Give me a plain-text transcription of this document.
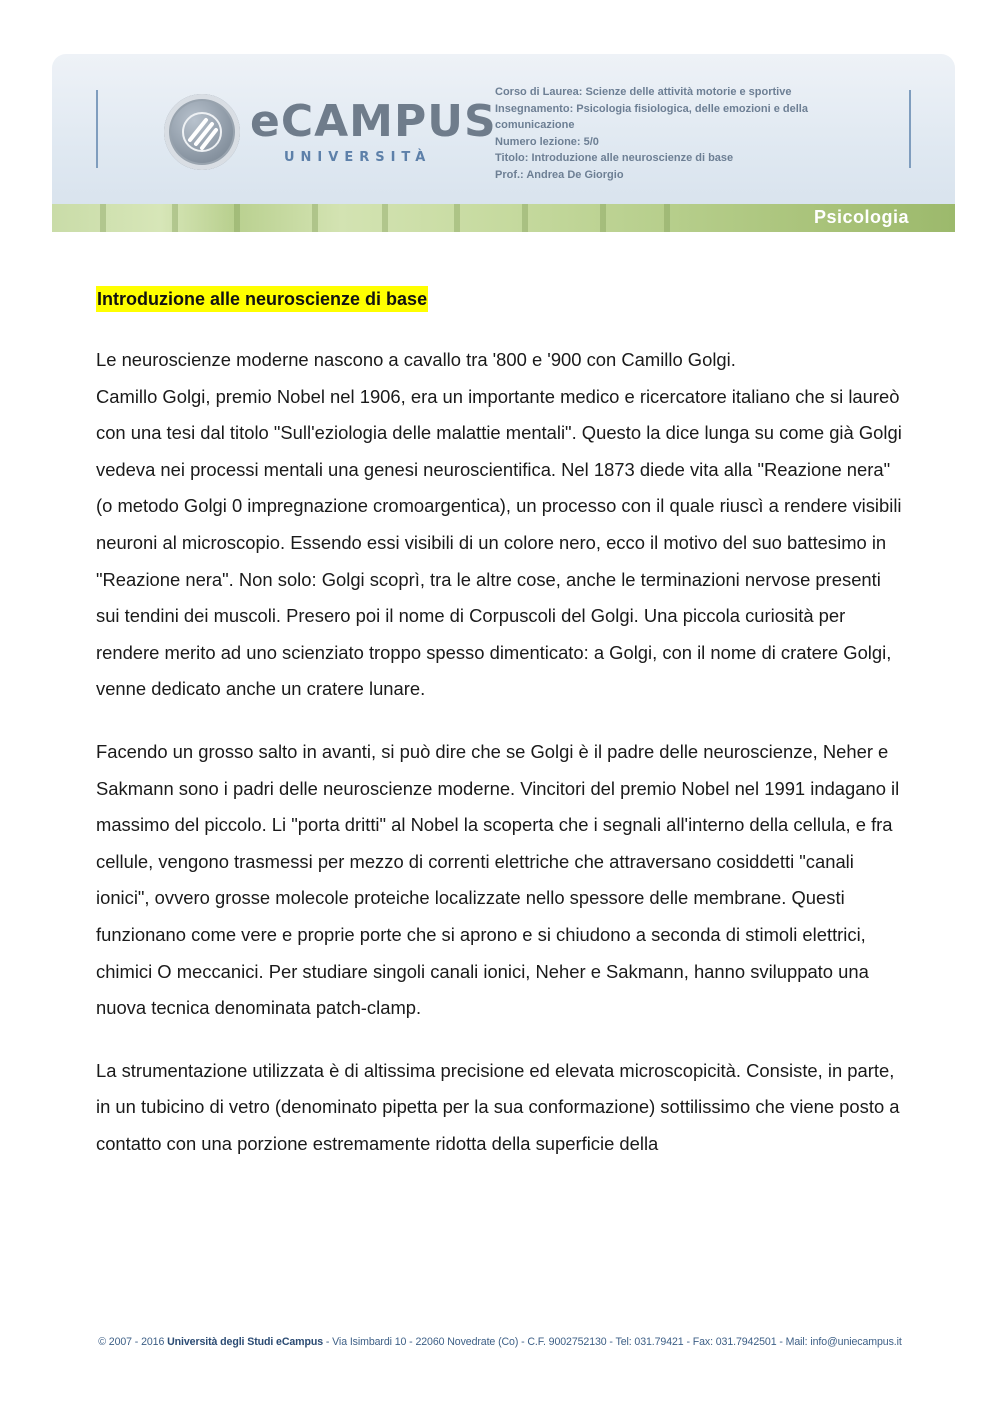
eCAMPUS
UNIVERSITÀ
Corso di Laurea: Scienze delle attività motorie e sportive
Insegnamento: Psicologia fisiologica, delle emozioni e della comunicazione
Numero lezione: 5/0
Titolo: Introduzione alle neuroscienze di base
Prof.: Andrea De Giorgio
Psicologia
Introduzione alle neuroscienze di base

Le neuroscienze moderne nascono a cavallo tra '800 e '900 con Camillo Golgi.

Camillo Golgi, premio Nobel nel 1906, era un importante medico e ricercatore italiano che si laureò con una tesi dal titolo "Sull'eziologia delle malattie mentali". Questo la dice lunga su come già Golgi vedeva nei processi mentali una genesi neuroscientifica. Nel 1873 diede vita alla "Reazione nera" (o metodo Golgi 0 impregnazione cromoargentica), un processo con il quale riuscì a rendere visibili neuroni al microscopio. Essendo essi visibili di un colore nero, ecco il motivo del suo battesimo in "Reazione nera". Non solo: Golgi scoprì, tra le altre cose, anche le terminazioni nervose presenti sui tendini dei muscoli. Presero poi il nome di Corpuscoli del Golgi. Una piccola curiosità per rendere merito ad uno scienziato troppo spesso dimenticato: a Golgi, con il nome di cratere Golgi, venne dedicato anche un cratere lunare.

Facendo un grosso salto in avanti, si può dire che se Golgi è il padre delle neuroscienze, Neher e Sakmann sono i padri delle neuroscienze moderne. Vincitori del premio Nobel nel 1991 indagano il massimo del piccolo. Li "porta dritti" al Nobel la scoperta che i segnali all'interno della cellula, e fra cellule, vengono trasmessi per mezzo di correnti elettriche che attraversano cosiddetti "canali ionici", ovvero grosse molecole proteiche localizzate nello spessore delle membrane. Questi funzionano come vere e proprie porte che si aprono e si chiudono a seconda di stimoli elettrici, chimici O meccanici. Per studiare singoli canali ionici, Neher e Sakmann, hanno sviluppato una nuova tecnica denominata patch-clamp.

La strumentazione utilizzata è di altissima precisione ed elevata microscopicità. Consiste, in parte, in un tubicino di vetro (denominato pipetta per la sua conformazione) sottilissimo che viene posto a contatto con una porzione estremamente ridotta della superficie della

© 2007 - 2016 Università degli Studi eCampus - Via Isimbardi 10 - 22060 Novedrate (Co) - C.F. 9002752130 - Tel: 031.79421 - Fax: 031.7942501 - Mail: info@uniecampus.it
